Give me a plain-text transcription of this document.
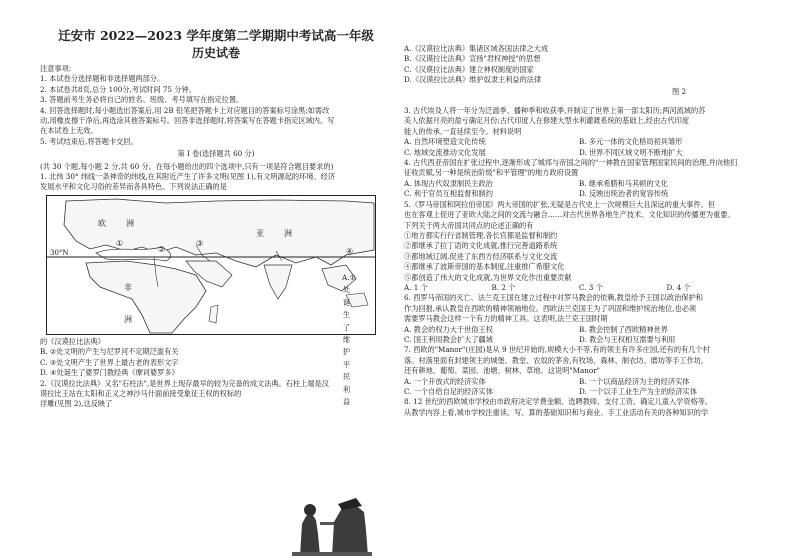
迁安市 2022—2023 学年度第二学期期中考试高一年级
历史试卷

注意事项:

1. 本试卷分选择题和非选择题两部分。

2. 本试卷共8页,总分 100分,考试时间 75 分钟。

3. 答题前考生务必将自己的姓名、班级、考号填写在指定位置。

4. 回答选择题时,每小题选出答案后,用 2B 铅笔把答题卡上对应题目的答案标号涂黑;如需改

动,用橡皮擦干净后,再选涂其他答案标号。回答非选择题时,将答案写在答题卡指定区域内。写

在本试卷上无效。

5. 考试结束后,将答题卡交回。

第 I 卷(选择题共 60 分)

(共 30 个题,每小题 2 分,共 60 分。在每小题给出的四个选项中,只有一项是符合题目要求的)

1. 北纬 30° 纬线一条神奇的纬线,在其附近产生了许多文明(见图 1),有文明源起的环境、经济

发展水平和文化习俗的差异而各具特色。下列说法正确的是

欧	洲
亚	洲
非
洲
30°N
①
②
③
④

的《汉谟拉比法典》

B. ②处文明的产生与尼罗河不定期泛滥有关

C. ③处文明产生了世界上最古老的表形文字

D. ④处诞生了婆罗门教经典《摩诃婆罗多》

2.《汉谟拉比法典》又名"石柱法",是世界上现存最早的较为完备的成文法典。石柱上端是汉

谟拉比王站在太阳和正义之神沙马什面前接受象征王权的权标的

浮雕(见图 2),这反映了

A.①处诞生了维护平民利益

A.《汉谟拉比法典》集诸区域各国法律之大成

B.《汉谟拉比法典》宣扬"君权神授"的思想

C.《汉谟拉比法典》建立神权制度的国家

D.《汉谟拉比法典》维护奴隶主利益的法律

图 2

3. 古代埃及人将一年分为泛滥季、播种季和收获季,并制定了世界上第一部太阳历;两河流域的苏

美人依据月亮的盈亏确定月份;古代印度人在修建大型水利灌溉系统的基础上,经由古代印度

能人的传承,一直延续至今。材料说明

A. 自然环境塑造文化传统	B. 多元一体的文化格局初具雏形
C. 地域交流推动文化发展	D. 世界不同区域文明不断地扩大

4. 古代西亚帝国在扩张过程中,逐渐形成了城邦与帝国之间的"一神教在国家管理国家民间的治理,并向他们

征收贡赋,另一种是统治阶级"和平管理"的地方政府设置

A. 体现古代奴隶制民主政治	B. 继承希腊和马其顿的文化
C. 利于官员互相监督和制约	D. 反映出统治者的宽容传统

5.《罗马帝国和阿拉伯帝国》两大帝国的扩张,无疑是古代史上一次规模巨大且深远的重大事件。但

也在客观上促进了亚欧大陆之间的交流与融合……对古代世界各地生产技术、文化知识的传播更为重要。

下列关于两大帝国共同点的论述正确的有

①地方都实行行省制管理,各长官都是监督和制约

②都继承了拉丁语的文化成就,推行完善道路系统

③都地域辽阔,促进了东西方经济联系与文化交流

④都继承了波斯帝国的基本制度,注重推广希腊文化

⑤都创造了伟大的文化成就,为世界文化作出重要贡献

A. 1 个	B. 2 个	C. 3 个	D. 4 个

6. 西罗马帝国的灭亡、法兰克王国在建立过程中对罗马教会的依赖,教皇给予王国以政治保护和

作为回报,承认教皇在西欧的精神领袖地位。西欧法兰克国王为了巩固和维护统治地位,也必须

需要罗马教会这样一个有力的精神工具。这表明,法兰克王国时期

A. 教会的权力大于世俗王权	B. 教会控制了西欧精神世界
C. 国王利用教会扩大了疆域	D. 教会与王权相互需要与利用

7. 西欧的"Manor"(庄园)是从 9 世纪开始的,规模大小不等,有的领主有许多庄园,还有的有几个村

落。村落里面有封建领主的城堡、教堂、农奴的茅舍,有牧场、森林、制衣坊、磨坊等手工作坊,

还有耕地、葡萄、菜园、池塘、树林、草地。这说明"Manor"

A. 一个开放式的经济实体	B. 一个以商品经济为主的经济实体
C. 一个自给自足的经济实体	D. 一个以手工业生产为主的经济实体

8. 12 世纪的西欧城市学校由市政府决定学费金额、选聘教师、支付工资、确定儿童入学资格等。

从教学内容上看,城市学校注重读、写、算的基础知识和与商业、手工业活动有关的各种知识的学
